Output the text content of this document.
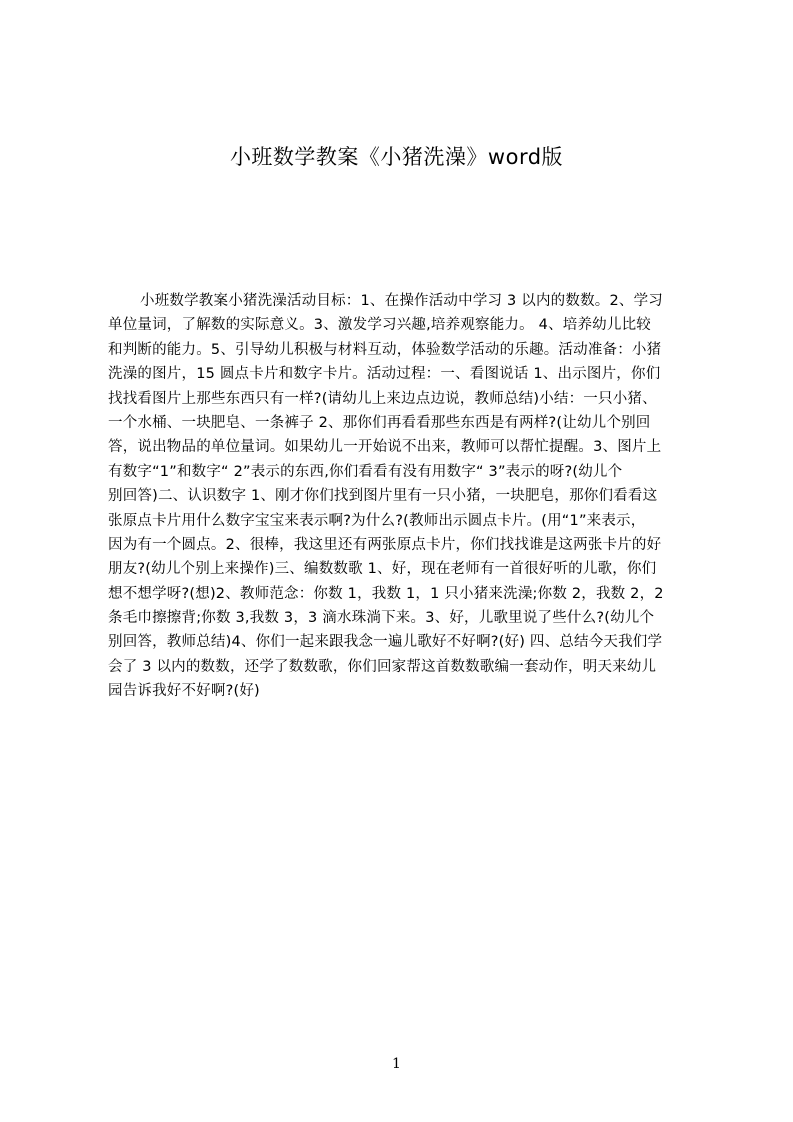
小班数学教案《小猪洗澡》word版
小班数学教案小猪洗澡活动目标：1、在操作活动中学习 3 以内的数数。2、学习
单位量词，了解数的实际意义。3、激发学习兴趣,培养观察能力。 4、培养幼儿比较
和判断的能力。5、引导幼儿积极与材料互动，体验数学活动的乐趣。活动准备：小猪
洗澡的图片，15 圆点卡片和数字卡片。活动过程：一、看图说话 1、出示图片，你们
找找看图片上那些东西只有一样?(请幼儿上来边点边说，教师总结)小结：一只小猪、
一个水桶、一块肥皂、一条裤子 2、那你们再看看那些东西是有两样?(让幼儿个别回
答，说出物品的单位量词。如果幼儿一开始说不出来，教师可以帮忙提醒。3、图片上
有数字“1”和数字“ 2”表示的东西,你们看看有没有用数字“ 3”表示的呀?(幼儿个
别回答)二、认识数字 1、刚才你们找到图片里有一只小猪，一块肥皂，那你们看看这
张原点卡片用什么数字宝宝来表示啊?为什么?(教师出示圆点卡片。(用“1”来表示，
因为有一个圆点。2、很棒，我这里还有两张原点卡片，你们找找谁是这两张卡片的好
朋友?(幼儿个别上来操作)三、编数数歌 1、好，现在老师有一首很好听的儿歌，你们
想不想学呀?(想)2、教师范念：你数 1，我数 1，1 只小猪来洗澡;你数 2，我数 2，2
条毛巾擦擦背;你数 3,我数 3，3 滴水珠淌下来。3、好，儿歌里说了些什么?(幼儿个
别回答，教师总结)4、你们一起来跟我念一遍儿歌好不好啊?(好) 四、总结今天我们学
会了 3 以内的数数，还学了数数歌，你们回家帮这首数数歌编一套动作，明天来幼儿
园告诉我好不好啊?(好)
1
